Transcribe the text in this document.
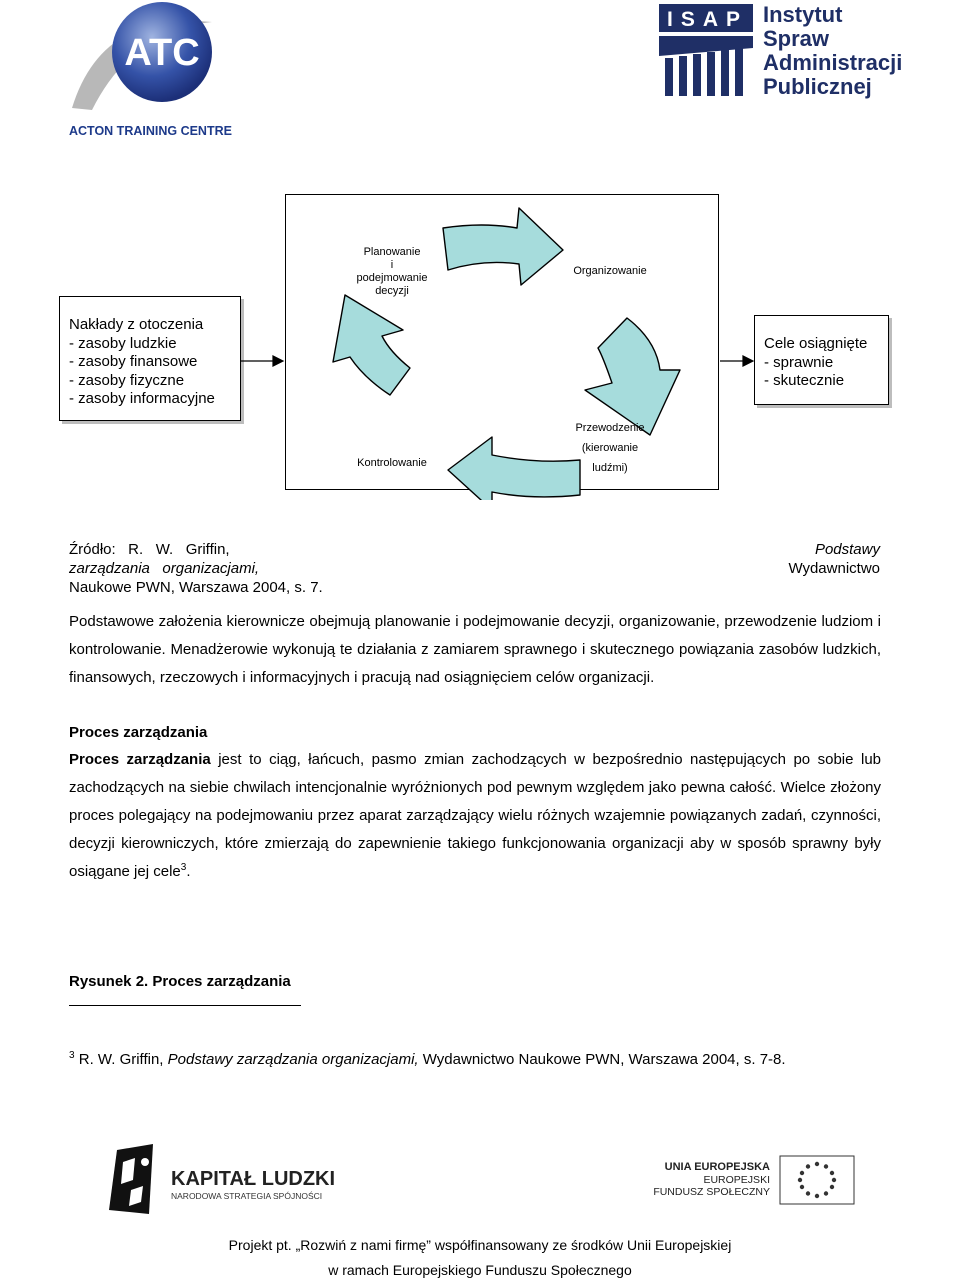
ATC
ACTON TRAINING CENTRE
ISAP Instytut
Spraw
Administracji
Publicznej
Nakłady z otoczenia
- zasoby ludzkie
- zasoby finansowe
- zasoby fizyczne
- zasoby informacyjne
Cele osiągnięte
- sprawnie
- skutecznie
Planowanie
i
podejmowanie
decyzji
Organizowanie
Przewodzenie
(kierowanie
ludźmi)
Kontrolowanie
Źródło:   R.   W.   Griffin,
zarządzania   organizacjami,
Naukowe PWN, Warszawa 2004, s. 7.
Podstawy
Wydawnictwo
Podstawowe założenia kierownicze obejmują planowanie i podejmowanie decyzji, organizowanie, przewodzenie ludziom i kontrolowanie. Menadżerowie wykonują te działania z zamiarem sprawnego i skutecznego powiązania zasobów ludzkich, finansowych, rzeczowych i informacyjnych i pracują nad osiągnięciem celów organizacji.
Proces zarządzania
Proces zarządzania jest to ciąg, łańcuch, pasmo zmian zachodzących w bezpośrednio następujących po sobie lub zachodzących na siebie chwilach intencjonalnie wyróżnionych pod pewnym względem jako pewna całość. Wielce złożony proces polegający na podejmowaniu przez aparat zarządzający wielu różnych wzajemnie powiązanych zadań, czynności, decyzji kierowniczych, które zmierzają do zapewnienie takiego funkcjonowania organizacji aby w sposób sprawny były osiągane jej cele$^3$.
Rysunek 2. Proces zarządzania
$^3$ R. W. Griffin, Podstawy zarządzania organizacjami, Wydawnictwo Naukowe PWN, Warszawa 2004, s. 7-8.
KAPITAŁ LUDZKI
NARODOWA STRATEGIA SPÓJNOŚCI
UNIA EUROPEJSKA
EUROPEJSKI
FUNDUSZ SPOŁECZNY
Projekt pt. „Rozwiń z nami firmę” współfinansowany ze środków Unii Europejskiej
w ramach Europejskiego Funduszu Społecznego
